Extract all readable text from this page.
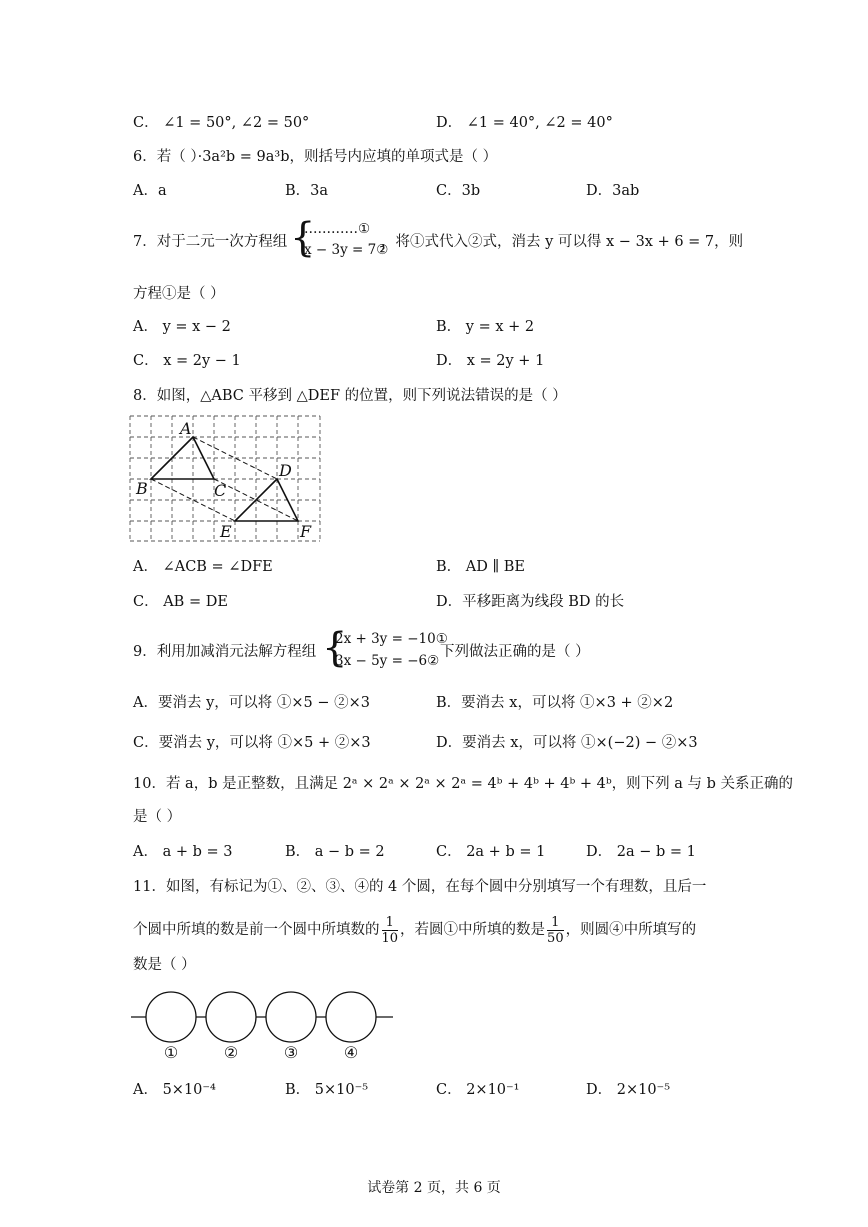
C． ∠1 = 50°, ∠2 = 50°	D． ∠1 = 40°, ∠2 = 40°
6．若（ ）·3a²b = 9a³b，则括号内应填的单项式是（ ）
A．a	B．3a	C．3b	D．3ab
7．对于二元一次方程组 {
…………①
x − 3y = 7②
，将①式代入②式，消去 y 可以得 x − 3x + 6 = 7，则
方程①是（ ）
A． y = x − 2	B． y = x + 2
C． x = 2y − 1	D． x = 2y + 1
8．如图，△ABC 平移到 △DEF 的位置，则下列说法错误的是（ ）
A
B	C
D
E	F
A． ∠ACB = ∠DFE	B． AD ∥ BE
C． AB = DE	D．平移距离为线段 BD 的长
9．利用加减消元法解方程组 {
2x + 3y = −10①
3x − 5y = −6②
下列做法正确的是（ ）
A．要消去 y，可以将 ①×5 − ②×3	B．要消去 x，可以将 ①×3 + ②×2
C．要消去 y，可以将 ①×5 + ②×3	D．要消去 x，可以将 ①×(−2) − ②×3
10．若 a，b 是正整数，且满足 2ᵃ × 2ᵃ × 2ᵃ × 2ᵃ = 4ᵇ + 4ᵇ + 4ᵇ + 4ᵇ，则下列 a 与 b 关系正确的
是（ ）
A． a + b = 3	B． a − b = 2	C． 2a + b = 1	D． 2a − b = 1
11．如图，有标记为①、②、③、④的 4 个圆，在每个圆中分别填写一个有理数，且后一
个圆中所填的数是前一个圆中所填数的 $\frac{1}{10}$ ，若圆①中所填的数是 $\frac{1}{50}$ ，则圆④中所填写的
数是（ ）
①	②	③	④
A． 5×10⁻⁴	B． 5×10⁻⁵	C． 2×10⁻¹	D． 2×10⁻⁵
试卷第 2 页，共 6 页
